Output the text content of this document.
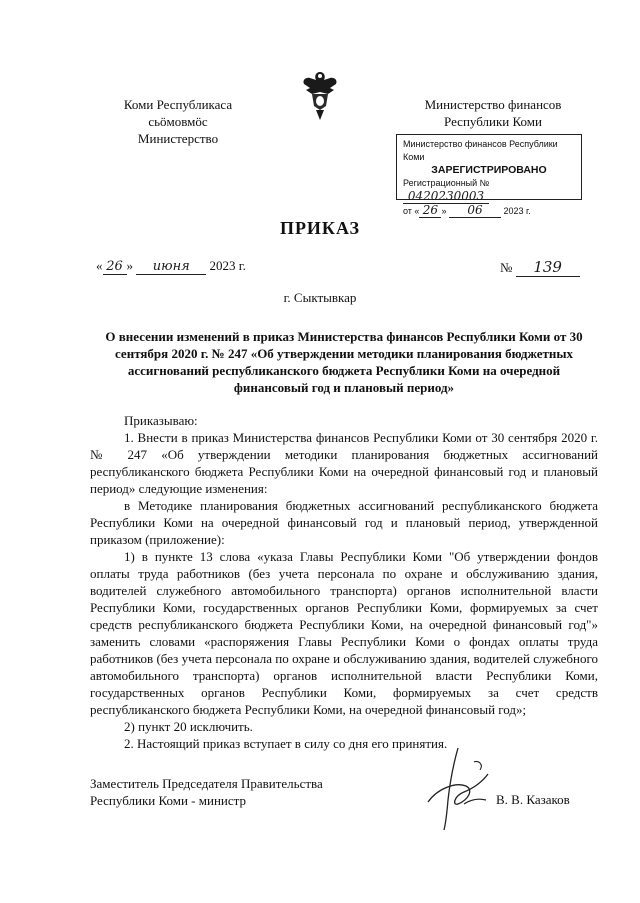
Коми Республикаса
сьӧмовмӧс
Министерство
Министерство финансов
Республики Коми
Министерство финансов Республики Коми
ЗАРЕГИСТРИРОВАНО
Регистрационный № 0420230003
от « 26 » 06 2023 г.
ПРИКАЗ
« 26 » июня 2023 г.	№ 139
г. Сыктывкар
О внесении изменений в приказ Министерства финансов Республики Коми от 30 сентября 2020 г. № 247 «Об утверждении методики планирования бюджетных ассигнований республиканского бюджета Республики Коми на очередной финансовый год и плановый период»

Приказываю:

1. Внести в приказ Министерства финансов Республики Коми от 30 сентября 2020 г. № 247 «Об утверждении методики планирования бюджетных ассигнований республиканского бюджета Республики Коми на очередной финансовый год и плановый период» следующие изменения:

в Методике планирования бюджетных ассигнований республиканского бюджета Республики Коми на очередной финансовый год и плановый период, утвержденной приказом (приложение):

1) в пункте 13 слова «указа Главы Республики Коми "Об утверждении фондов оплаты труда работников (без учета персонала по охране и обслуживанию здания, водителей служебного автомобильного транспорта) органов исполнительной власти Республики Коми, государственных органов Республики Коми, формируемых за счет средств республиканского бюджета Республики Коми, на очередной финансовый год"» заменить словами «распоряжения Главы Республики Коми о фондах оплаты труда работников (без учета персонала по охране и обслуживанию здания, водителей служебного автомобильного транспорта) органов исполнительной власти Республики Коми, государственных органов Республики Коми, формируемых за счет средств республиканского бюджета Республики Коми, на очередной финансовый год»;

2) пункт 20 исключить.

2. Настоящий приказ вступает в силу со дня его принятия.

Заместитель Председателя Правительства
Республики Коми - министр	В. В. Казаков
